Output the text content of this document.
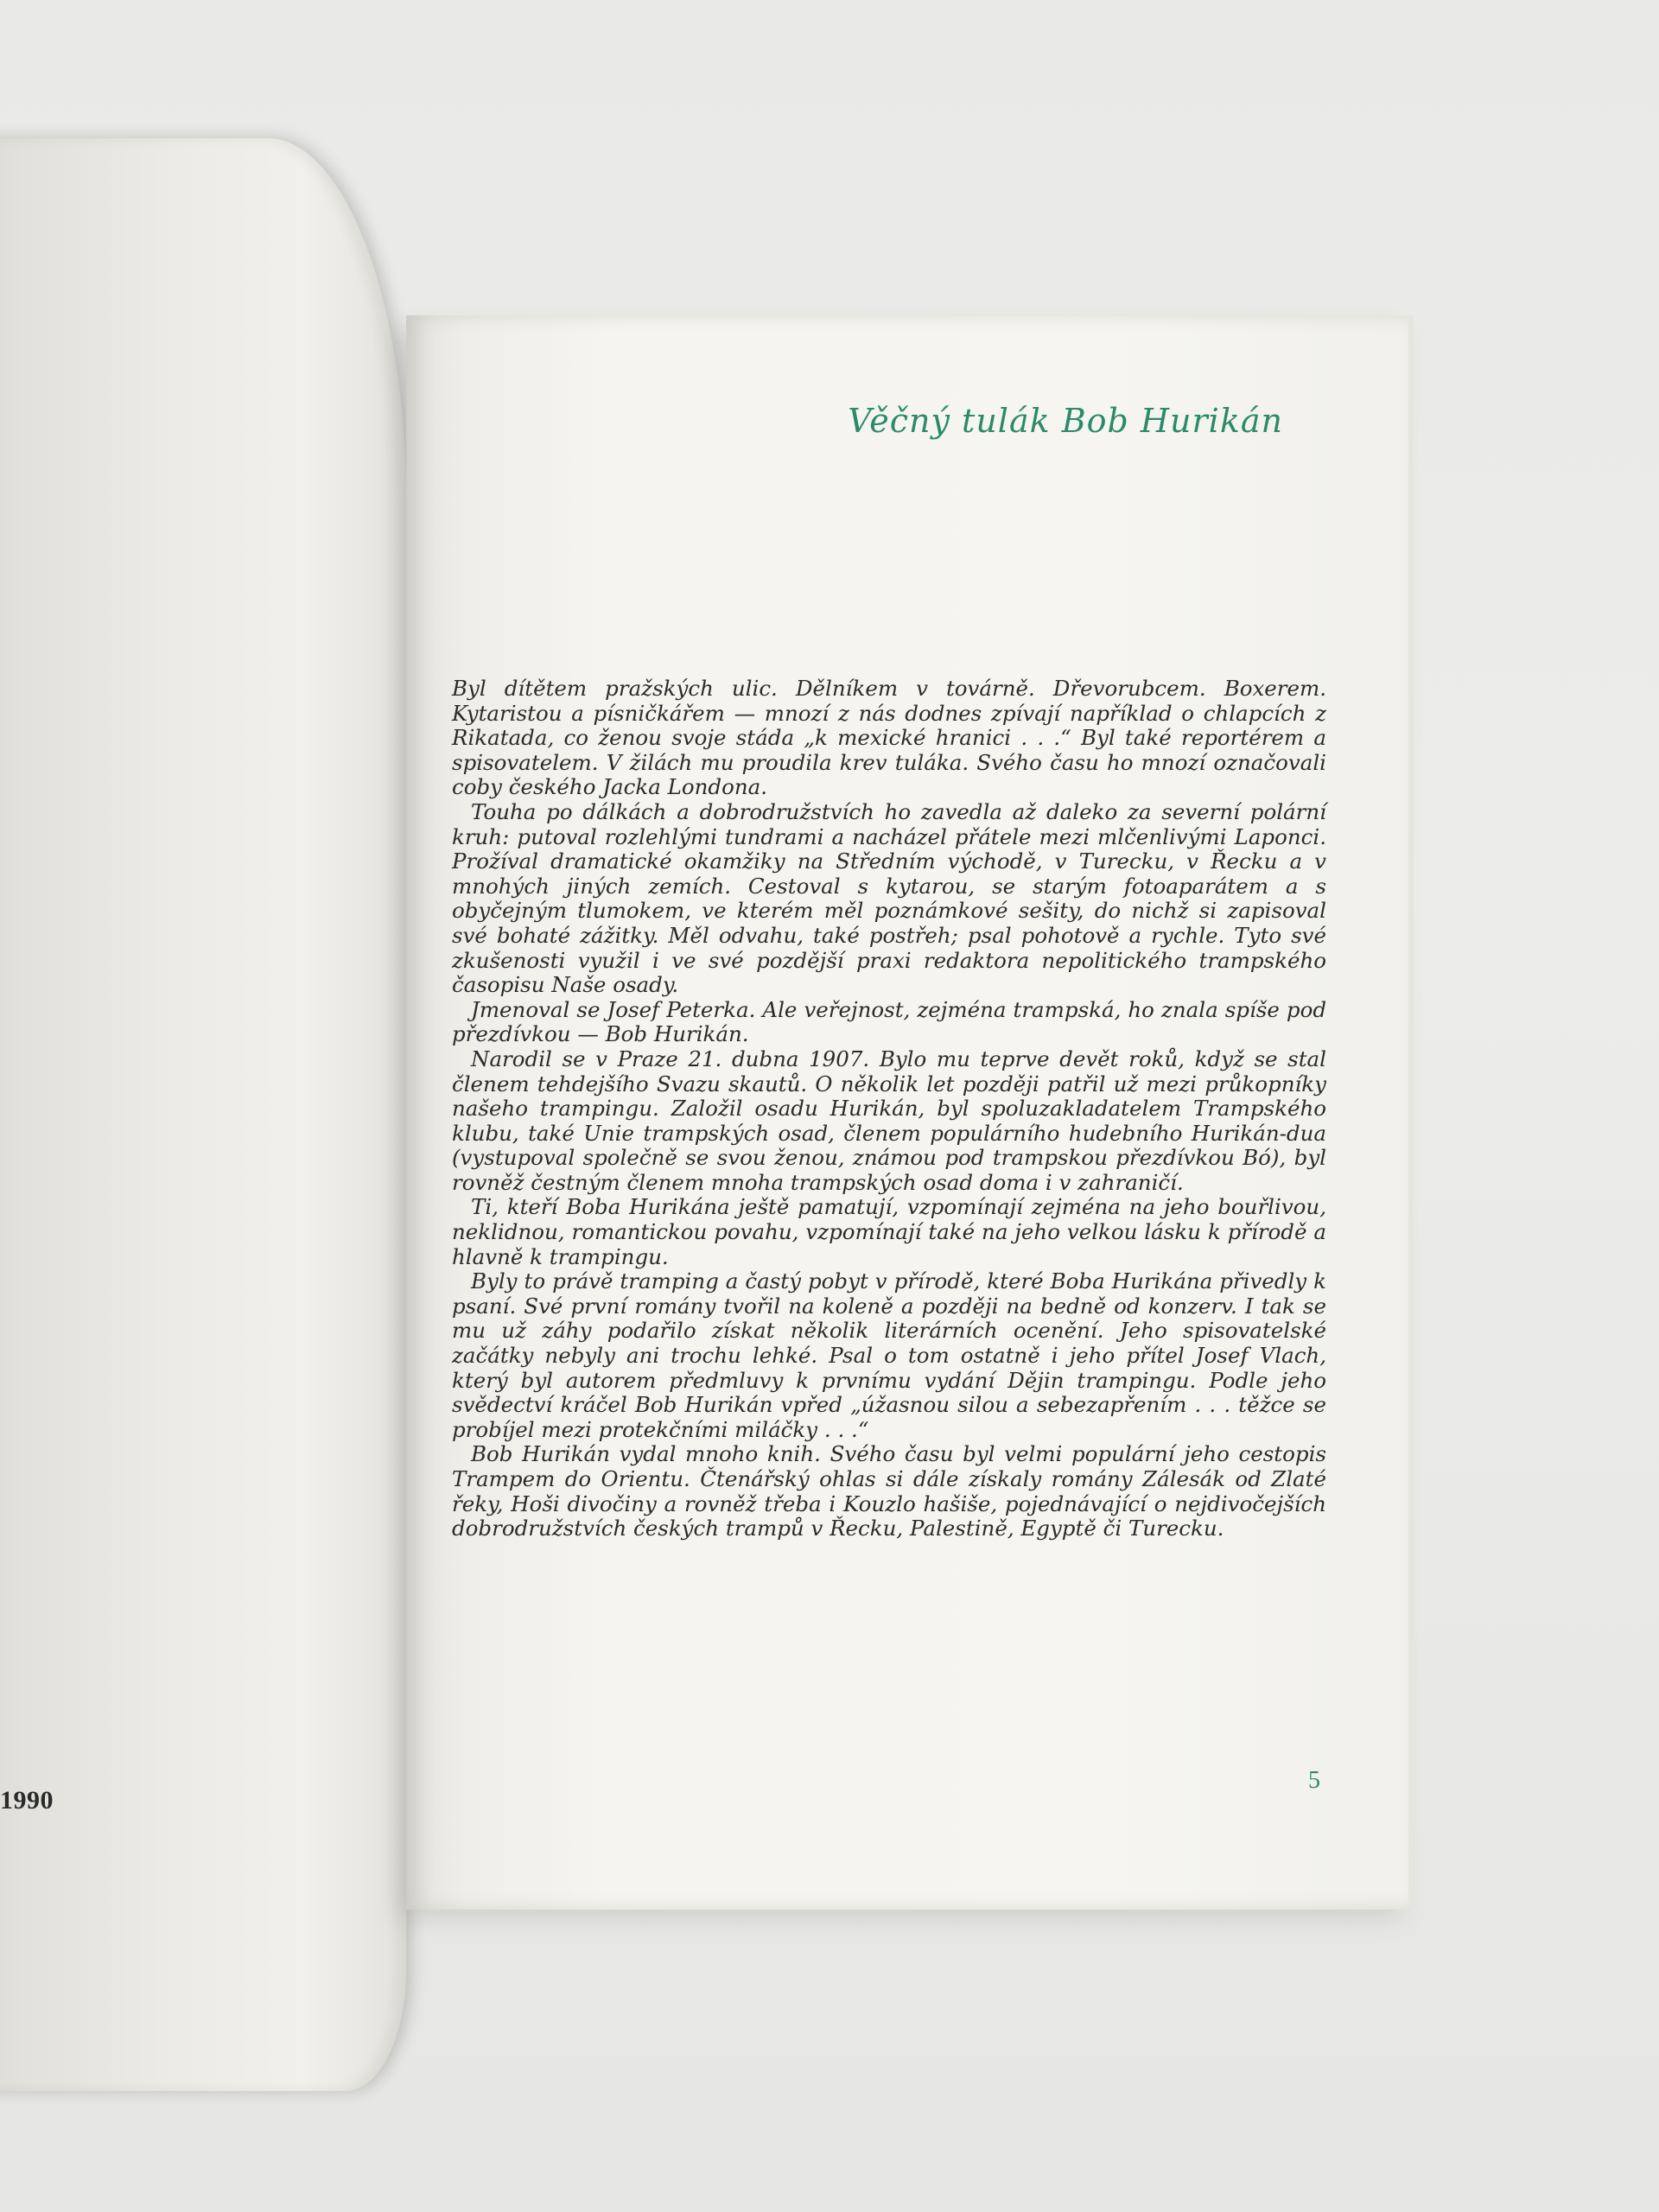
1990
Věčný tulák Bob Hurikán

Byl dítětem pražských ulic. Dělníkem v továrně. Dřevorubcem. Boxerem. Kytaristou a písničkářem — mnozí z nás dodnes zpívají například o chlapcích z Rikatada, co ženou svoje stáda „k mexické hranici . . .“ Byl také reportérem a spisovatelem. V žilách mu proudila krev tuláka. Svého času ho mnozí označovali coby českého Jacka Londona.

Touha po dálkách a dobrodružstvích ho zavedla až daleko za severní polární kruh: putoval rozlehlými tundrami a nacházel přátele mezi mlčenlivými Laponci. Prožíval dramatické okamžiky na Středním východě, v Turecku, v Řecku a v mnohých jiných zemích. Cestoval s kytarou, se starým fotoaparátem a s obyčejným tlumokem, ve kterém měl poznámkové sešity, do nichž si zapisoval své bohaté zážitky. Měl odvahu, také postřeh; psal pohotově a rychle. Tyto své zkušenosti využil i ve své pozdější praxi redaktora nepolitického trampského časopisu Naše osady.

Jmenoval se Josef Peterka. Ale veřejnost, zejména trampská, ho znala spíše pod přezdívkou — Bob Hurikán.

Narodil se v Praze 21. dubna 1907. Bylo mu teprve devět roků, když se stal členem tehdejšího Svazu skautů. O několik let později patřil už mezi průkopníky našeho trampingu. Založil osadu Hurikán, byl spoluzakladatelem Trampského klubu, také Unie trampských osad, členem populárního hudebního Hurikán-dua (vystupoval společně se svou ženou, známou pod trampskou přezdívkou Bó), byl rovněž čestným členem mnoha trampských osad doma i v zahraničí.

Ti, kteří Boba Hurikána ještě pamatují, vzpomínají zejména na jeho bouřlivou, neklidnou, romantickou povahu, vzpomínají také na jeho velkou lásku k přírodě a hlavně k trampingu.

Byly to právě tramping a častý pobyt v přírodě, které Boba Hurikána přivedly k psaní. Své první romány tvořil na koleně a později na bedně od konzerv. I tak se mu už záhy podařilo získat několik literárních ocenění. Jeho spisovatelské začátky nebyly ani trochu lehké. Psal o tom ostatně i jeho přítel Josef Vlach, který byl autorem předmluvy k prvnímu vydání Dějin trampingu. Podle jeho svědectví kráčel Bob Hurikán vpřed „úžasnou silou a sebezapřením . . . těžce se probíjel mezi protekčními miláčky . . .“

Bob Hurikán vydal mnoho knih. Svého času byl velmi populární jeho cestopis Trampem do Orientu. Čtenářský ohlas si dále získaly romány Zálesák od Zlaté řeky, Hoši divočiny a rovněž třeba i Kouzlo hašiše, pojednávající o nejdivočejších dobrodružstvích českých trampů v Řecku, Palestině, Egyptě či Turecku.

5
